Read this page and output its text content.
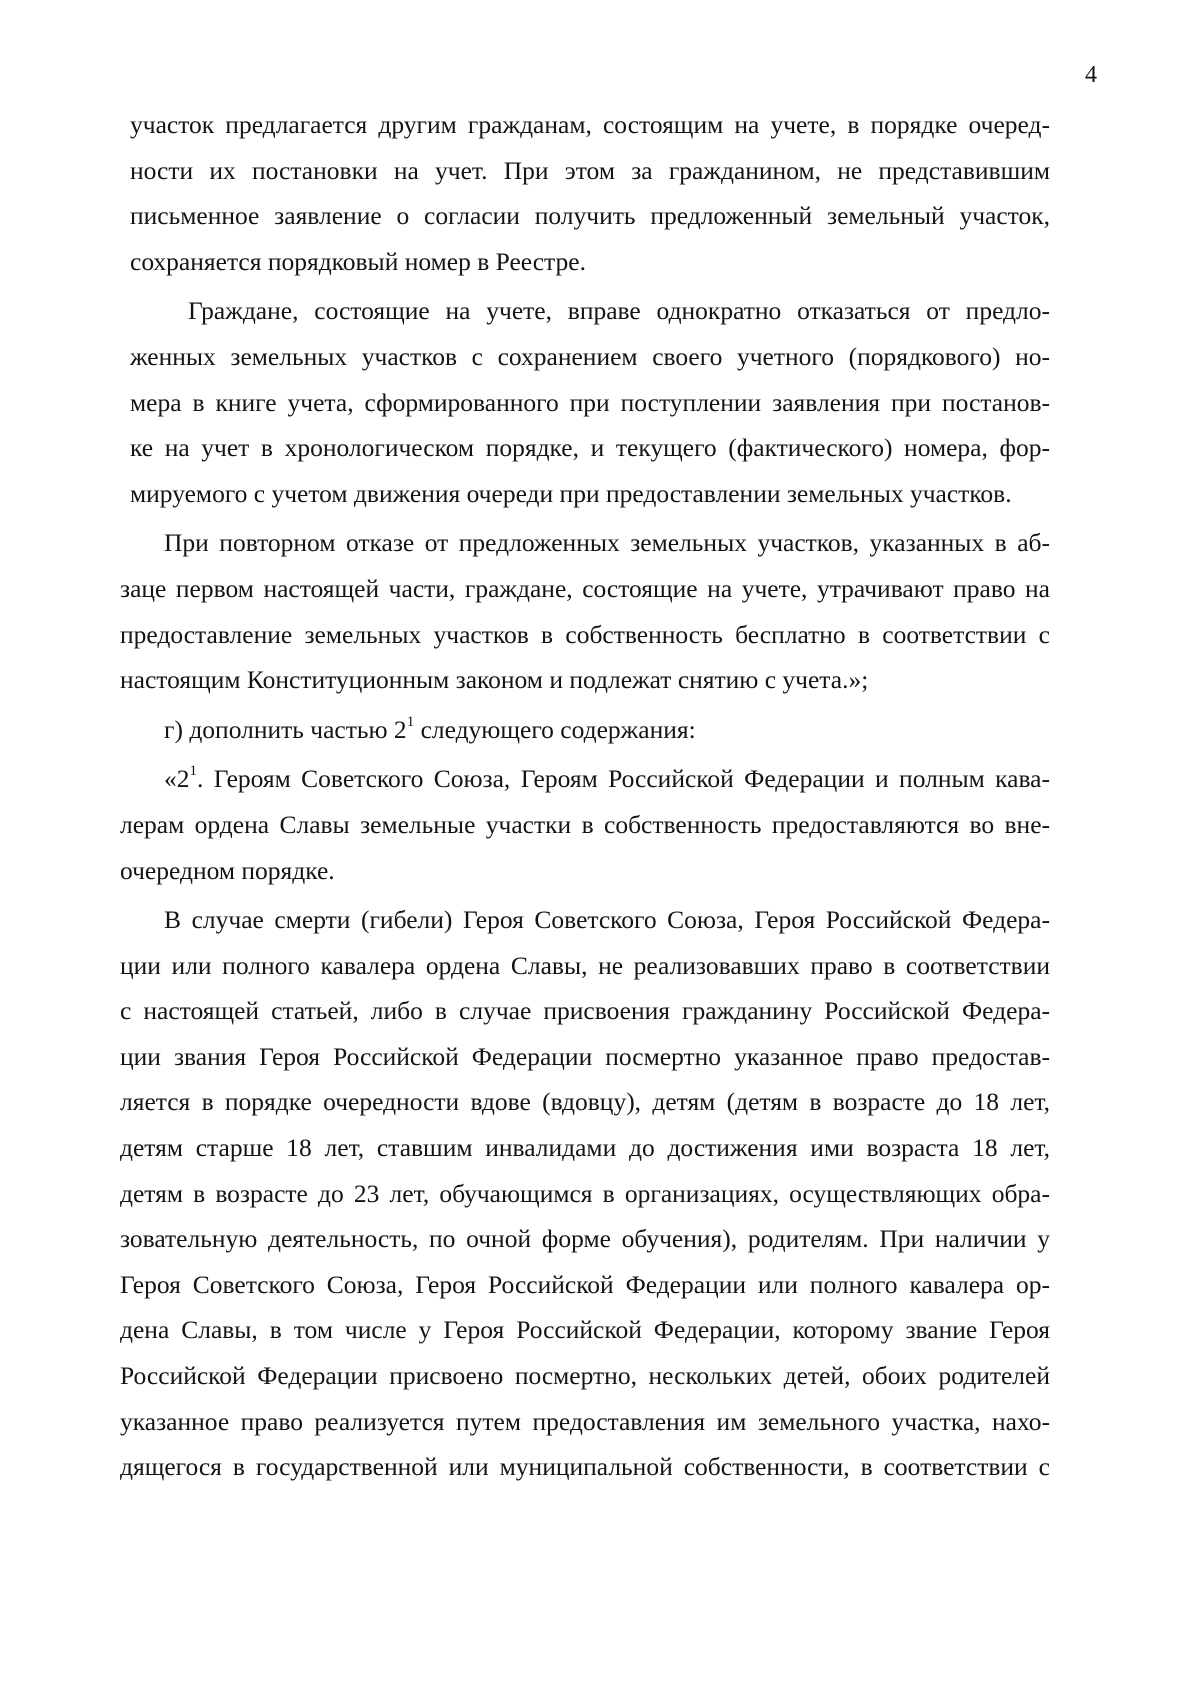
4
участок предлагается другим гражданам, состоящим на учете, в порядке очеред-
ности их постановки на учет. При этом за гражданином, не представившим
письменное заявление о согласии получить предложенный земельный участок,
сохраняется порядковый номер в Реестре.
Граждане, состоящие на учете, вправе однократно отказаться от предло-
женных земельных участков с сохранением своего учетного (порядкового) но-
мера в книге учета, сформированного при поступлении заявления при постанов-
ке на учет в хронологическом порядке, и текущего (фактического) номера, фор-
мируемого с учетом движения очереди при предоставлении земельных участков.
При повторном отказе от предложенных земельных участков, указанных в аб-
заце первом настоящей части, граждане, состоящие на учете, утрачивают право на
предоставление земельных участков в собственность бесплатно в соответствии с
настоящим Конституционным законом и подлежат снятию с учета.»;
г) дополнить частью $2^1$ следующего содержания:
«$2^1$. Героям Советского Союза, Героям Российской Федерации и полным кава-
лерам ордена Славы земельные участки в собственность предоставляются во вне-
очередном порядке.
В случае смерти (гибели) Героя Советского Союза, Героя Российской Федера-
ции или полного кавалера ордена Славы, не реализовавших право в соответствии
с настоящей статьей, либо в случае присвоения гражданину Российской Федера-
ции звания Героя Российской Федерации посмертно указанное право предостав-
ляется в порядке очередности вдове (вдовцу), детям (детям в возрасте до 18 лет,
детям старше 18 лет, ставшим инвалидами до достижения ими возраста 18 лет,
детям в возрасте до 23 лет, обучающимся в организациях, осуществляющих обра-
зовательную деятельность, по очной форме обучения), родителям. При наличии у
Героя Советского Союза, Героя Российской Федерации или полного кавалера ор-
дена Славы, в том числе у Героя Российской Федерации, которому звание Героя
Российской Федерации присвоено посмертно, нескольких детей, обоих родителей
указанное право реализуется путем предоставления им земельного участка, нахо-
дящегося в государственной или муниципальной собственности, в соответствии с
